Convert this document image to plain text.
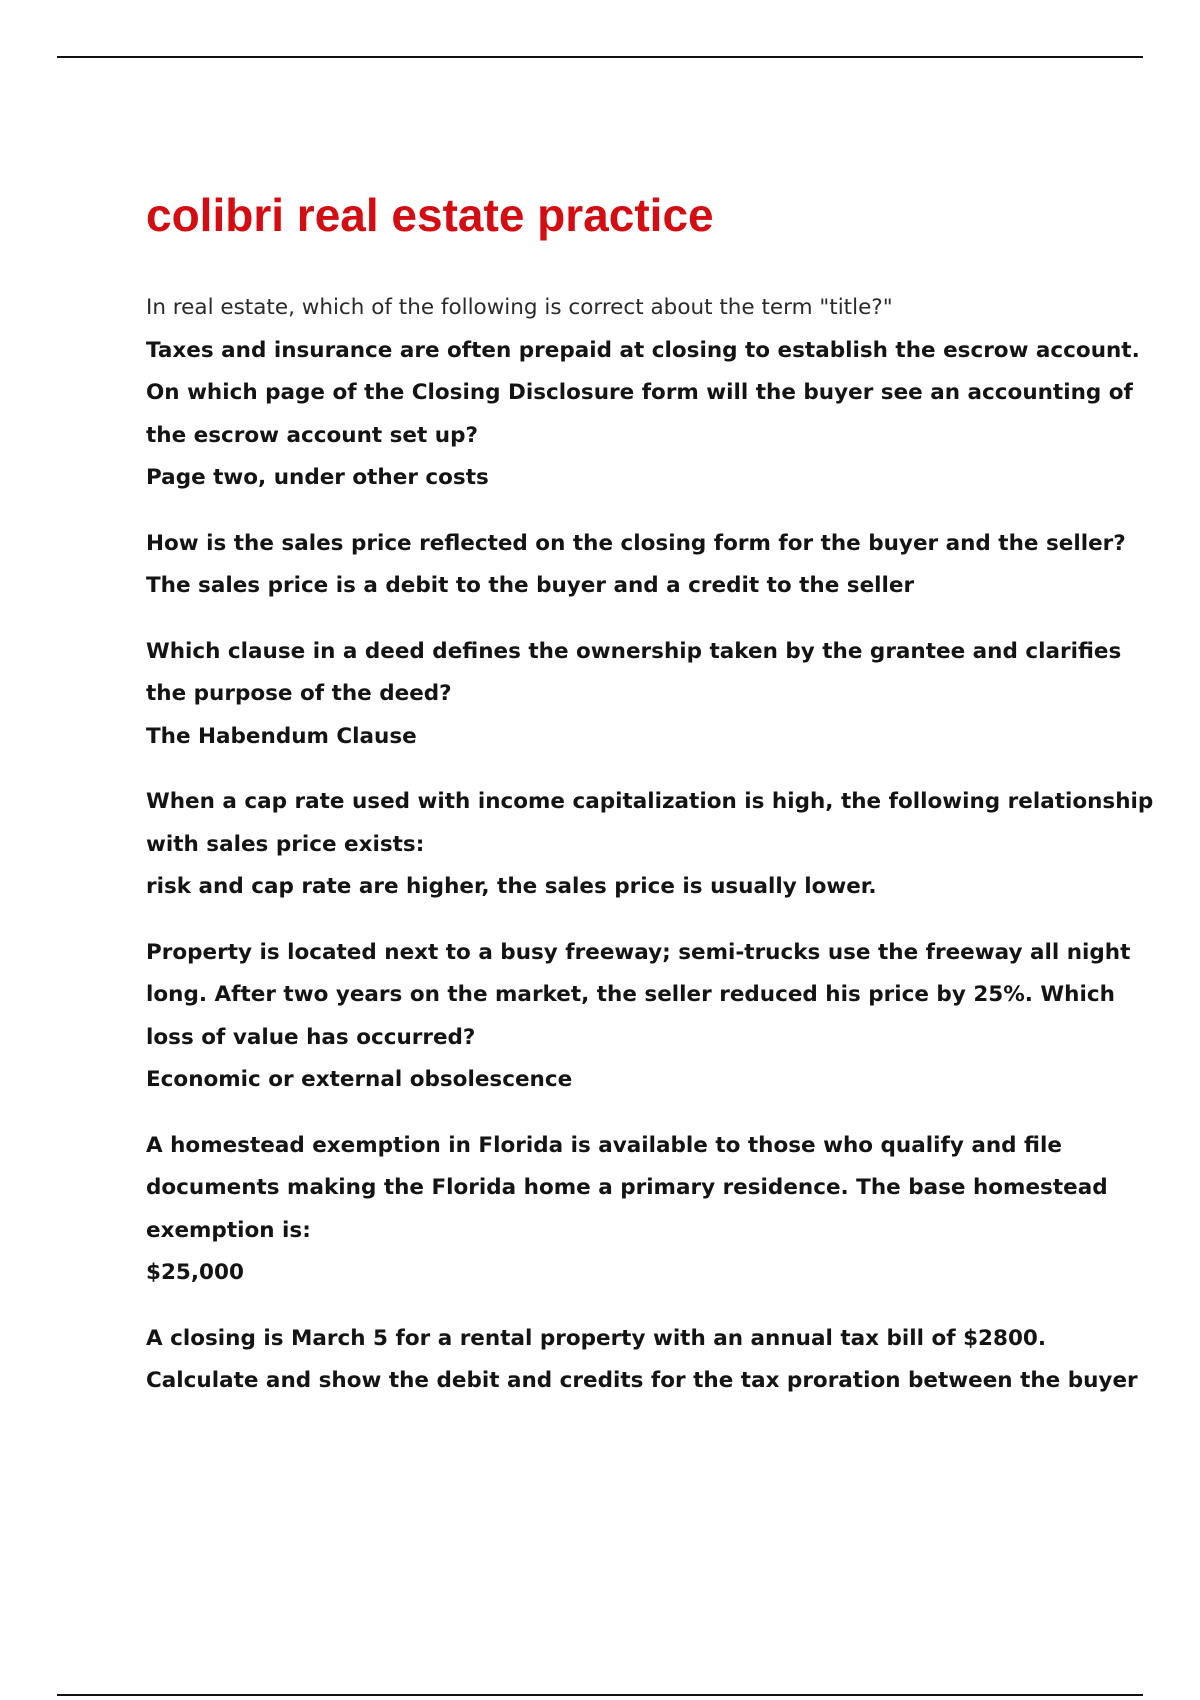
colibri real estate practice
In real estate, which of the following is correct about the term "title?"
Taxes and insurance are often prepaid at closing to establish the escrow account.
On which page of the Closing Disclosure form will the buyer see an accounting of
the escrow account set up?
Page two, under other costs
How is the sales price reflected on the closing form for the buyer and the seller?
The sales price is a debit to the buyer and a credit to the seller
Which clause in a deed defines the ownership taken by the grantee and clarifies
the purpose of the deed?
The Habendum Clause
When a cap rate used with income capitalization is high, the following relationship
with sales price exists:
risk and cap rate are higher, the sales price is usually lower.
Property is located next to a busy freeway; semi-trucks use the freeway all night
long. After two years on the market, the seller reduced his price by 25%. Which
loss of value has occurred?
Economic or external obsolescence
A homestead exemption in Florida is available to those who qualify and file
documents making the Florida home a primary residence. The base homestead
exemption is:
$25,000
A closing is March 5 for a rental property with an annual tax bill of $2800.
Calculate and show the debit and credits for the tax proration between the buyer
